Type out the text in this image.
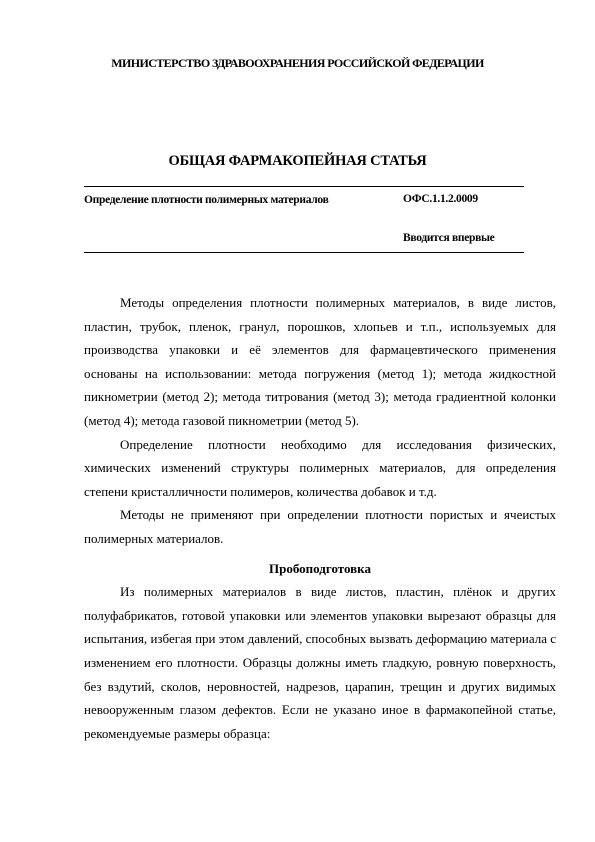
МИНИСТЕРСТВО ЗДРАВООХРАНЕНИЯ РОССИЙСКОЙ ФЕДЕРАЦИИ
ОБЩАЯ ФАРМАКОПЕЙНАЯ СТАТЬЯ
Определение плотности полимерных материалов	ОФС.1.1.2.0009
Вводится впервые

Методы определения плотности полимерных материалов, в виде листов, пластин, трубок, пленок, гранул, порошков, хлопьев и т.п., используемых для производства упаковки и её элементов для фармацевтического применения основаны на использовании: метода погружения (метод 1); метода жидкостной пикнометрии (метод 2); метода титрования (метод 3); метода градиентной колонки (метод 4); метода газовой пикнометрии (метод 5).

Определение плотности необходимо для исследования физических, химических изменений структуры полимерных материалов, для определения степени кристалличности полимеров, количества добавок и т.д.

Методы не применяют при определении плотности пористых и ячеистых полимерных материалов.

Пробоподготовка

Из полимерных материалов в виде листов, пластин, плёнок и других полуфабрикатов, готовой упаковки или элементов упаковки вырезают образцы для испытания, избегая при этом давлений, способных вызвать деформацию материала с изменением его плотности. Образцы должны иметь гладкую, ровную поверхность, без вздутий, сколов, неровностей, надрезов, царапин, трещин и других видимых невооруженным глазом дефектов. Если не указано иное в фармакопейной статье, рекомендуемые размеры образца:
